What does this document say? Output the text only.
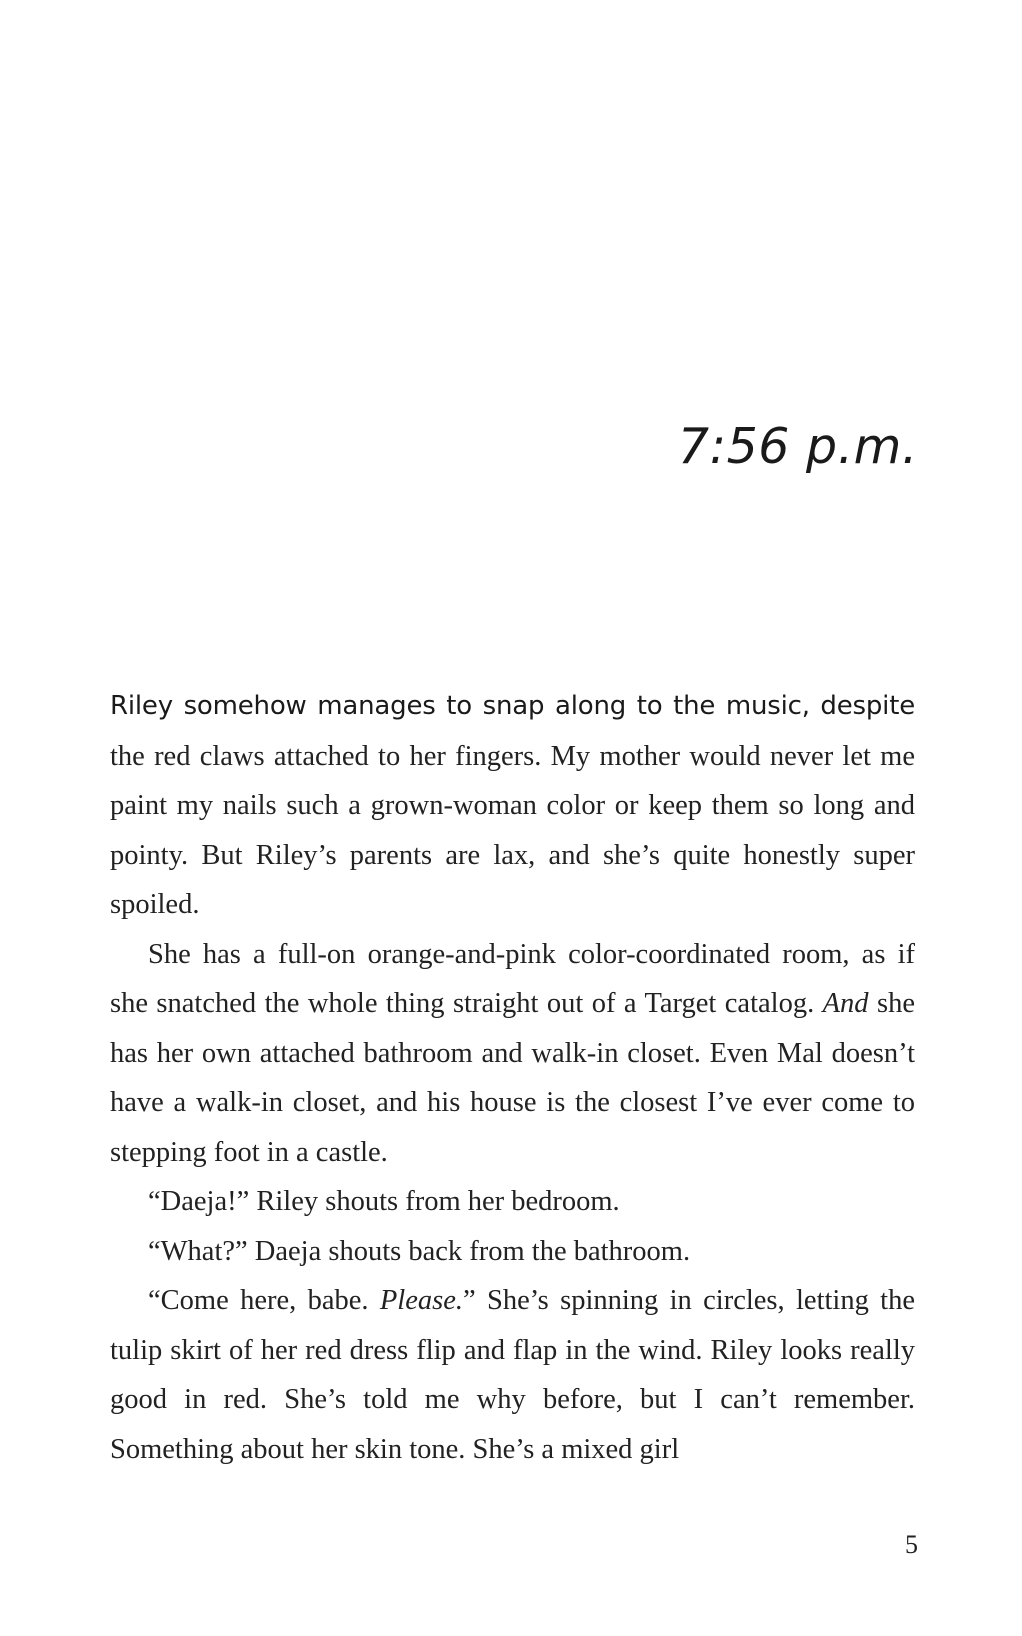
7:56 p.m.

Riley somehow manages to snap along to the music, despite the red claws attached to her fingers. My mother would never let me paint my nails such a grown-woman color or keep them so long and pointy. But Riley’s parents are lax, and she’s quite honestly super spoiled.

She has a full-on orange-and-pink color-coordinated room, as if she snatched the whole thing straight out of a Target catalog. And she has her own attached bathroom and walk-in closet. Even Mal doesn’t have a walk-in closet, and his house is the closest I’ve ever come to stepping foot in a castle.

“Daeja!” Riley shouts from her bedroom.

“What?” Daeja shouts back from the bathroom.

“Come here, babe. Please.” She’s spinning in circles, letting the tulip skirt of her red dress flip and flap in the wind. Riley looks really good in red. She’s told me why before, but I can’t remember. Something about her skin tone. She’s a mixed girl

5
